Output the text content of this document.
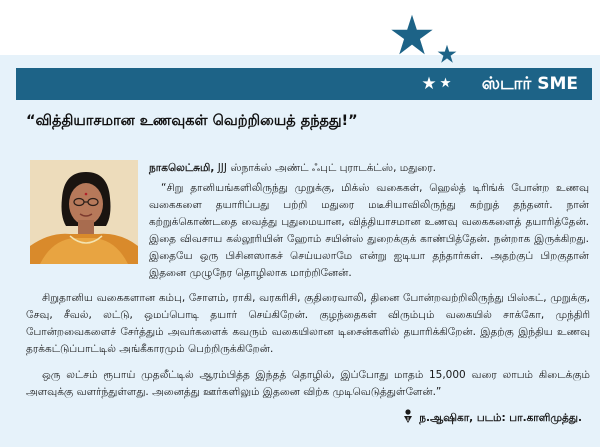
ஸ்டார் SME
“வித்தியாசமான உணவுகள் வெற்றியைத் தந்தது!”
நாகலெட்சுமி, JJJ ஸ்நாக்ஸ் அண்ட் ஃபுட் புராடக்ட்ஸ், மதுரை.
“சிறு தானியங்களிலிருந்து முறுக்கு, மிக்ஸ் வகைகள், ஹெல்த் டிரிங்க் போன்ற உணவு வகைகளை தயாரிப்பது பற்றி மதுரை மடீசியாவிலிருந்து கற்றுத் தந்தனர். நான் கற்றுக்கொண்டதை வைத்து புதுமையான, வித்தியாசமான உணவு வகைகளைத் தயாரித்தேன். இதை விவசாய கல்லூரியின் ஹோம் சயின்ஸ் துறைக்குக் காண்பித்தேன். நன்றாக இருக்கிறது. இதையே ஒரு பிசினஸாகச் செய்யலாமே என்று ஐடியா தந்தார்கள். அதற்குப் பிறகுதான் இதனை முழுநேர தொழிலாக மாற்றினேன்.
சிறுதானிய வகைகளான கம்பு, சோளம், ராகி, வரகரிசி, குதிரைவாலி, தினை போன்றவற்றிலிருந்து பிஸ்கட், முறுக்கு, சேவு, சீவல், லட்டு, ஒமப்பொடி தயார் செய்கிறேன். குழந்தைகள் விரும்பும் வகையில் சாக்கோ, முந்திரி போன்றவைகளைச் சேர்த்தும் அவர்களைக் கவரும் வகையிலான டிசைன்களில் தயாரிக்கிறேன். இதற்கு இந்திய உணவு தரக்கட்டுப்பாட்டில் அங்கீகாரமும் பெற்றிருக்கிறேன்.
ஒரு லட்சம் ரூபாய் முதலீட்டில் ஆரம்பித்த இந்தத் தொழில், இப்போது மாதம் 15,000 வரை லாபம் கிடைக்கும் அளவுக்கு வளர்ந்துள்ளது. அனைத்து ஊர்களிலும் இதனை விற்க முடிவெடுத்துள்ளேன்.”
ந.ஆஷிகா, படம்: பா.காளிமுத்து.
